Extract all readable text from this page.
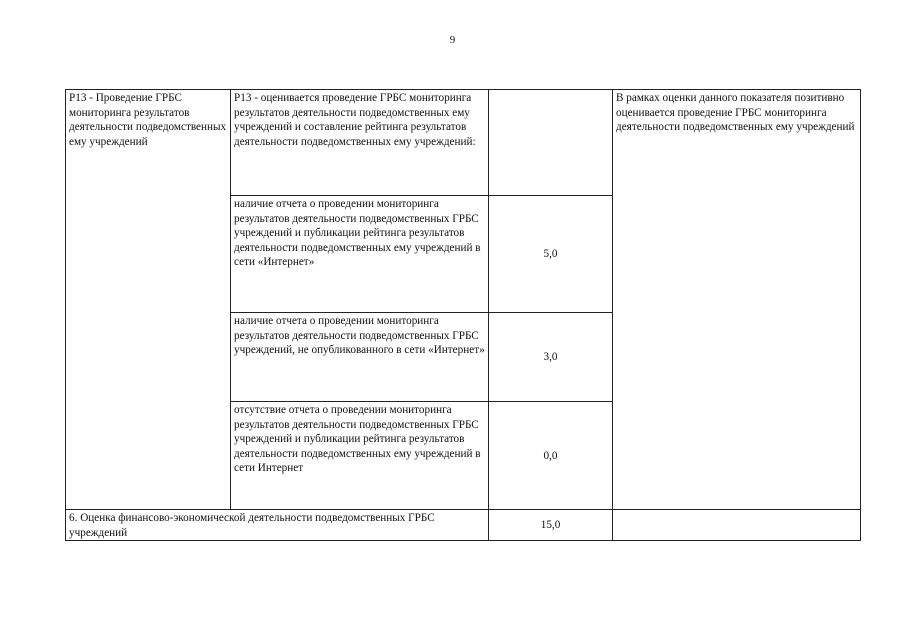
9
Р13 - Проведение ГРБС мониторинга результатов деятельности подведомственных ему учреждений	Р13 - оценивается проведение ГРБС мониторинга результатов деятельности подведомственных ему учреждений и составление рейтинга результатов деятельности подведомственных ему учреждений:		В рамках оценки данного показателя позитивно оценивается проведение ГРБС мониторинга деятельности подведомственных ему учреждений
	наличие отчета о проведении мониторинга результатов деятельности подведомственных ГРБС учреждений и публикации рейтинга результатов деятельности подведомственных ему учреждений в сети «Интернет»	5,0	
	наличие отчета о проведении мониторинга результатов деятельности подведомственных ГРБС учреждений, не опубликованного в сети «Интернет»	3,0	
	отсутствие отчета о проведении мониторинга результатов деятельности подведомственных ГРБС учреждений и публикации рейтинга результатов деятельности подведомственных ему учреждений в сети Интернет	0,0	
6. Оценка финансово-экономической деятельности подведомственных ГРБС учреждений		15,0	
